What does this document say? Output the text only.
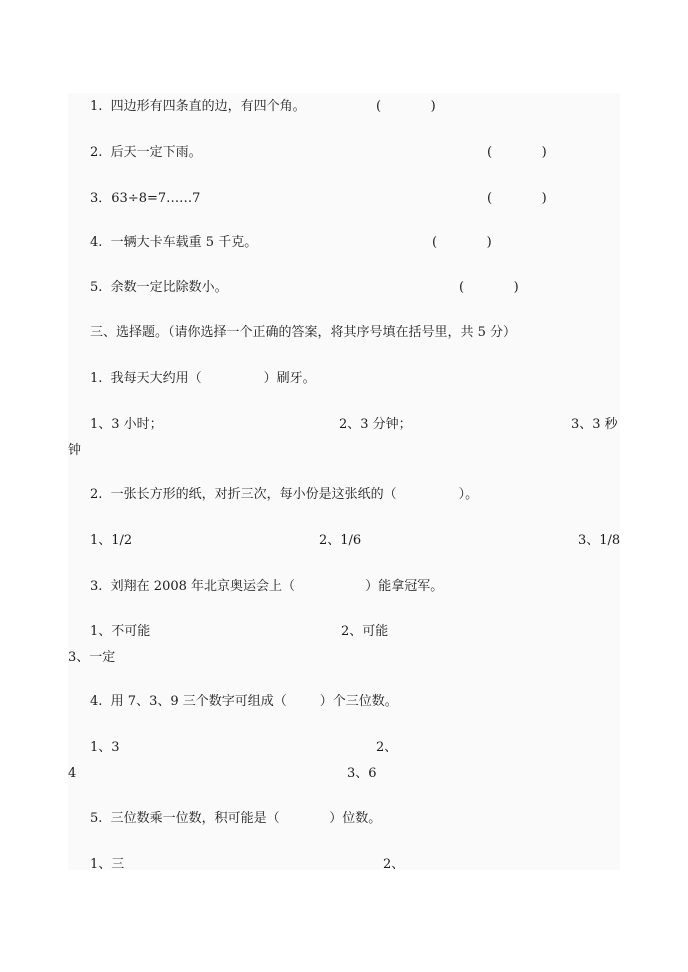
1.  四边形有四条直的边，有四个角。	(            )
2.  后天一定下雨。	(            )
3．63÷8=7……7	(            )
4.  一辆大卡车载重 5 千克。	(            )
5.  余数一定比除数小。	(            )
三、选择题。（请你选择一个正确的答案，将其序号填在括号里，共 5 分）
1.  我每天大约用（               ）刷牙。
1、3 小时；	2、3 分钟；	3、3 秒
钟
2.  一张长方形的纸，对折三次，每小份是这张纸的（               ）。
1、1/2	2、1/6	3、1/8
3.  刘翔在 2008 年北京奥运会上（                 ）能拿冠军。
1、不可能	2、可能
3、一定
4.  用 7、3、9 三个数字可组成（        ）个三位数。
1、3	2、
4	3、6
5.  三位数乘一位数，积可能是（            ）位数。
1、三	2、
